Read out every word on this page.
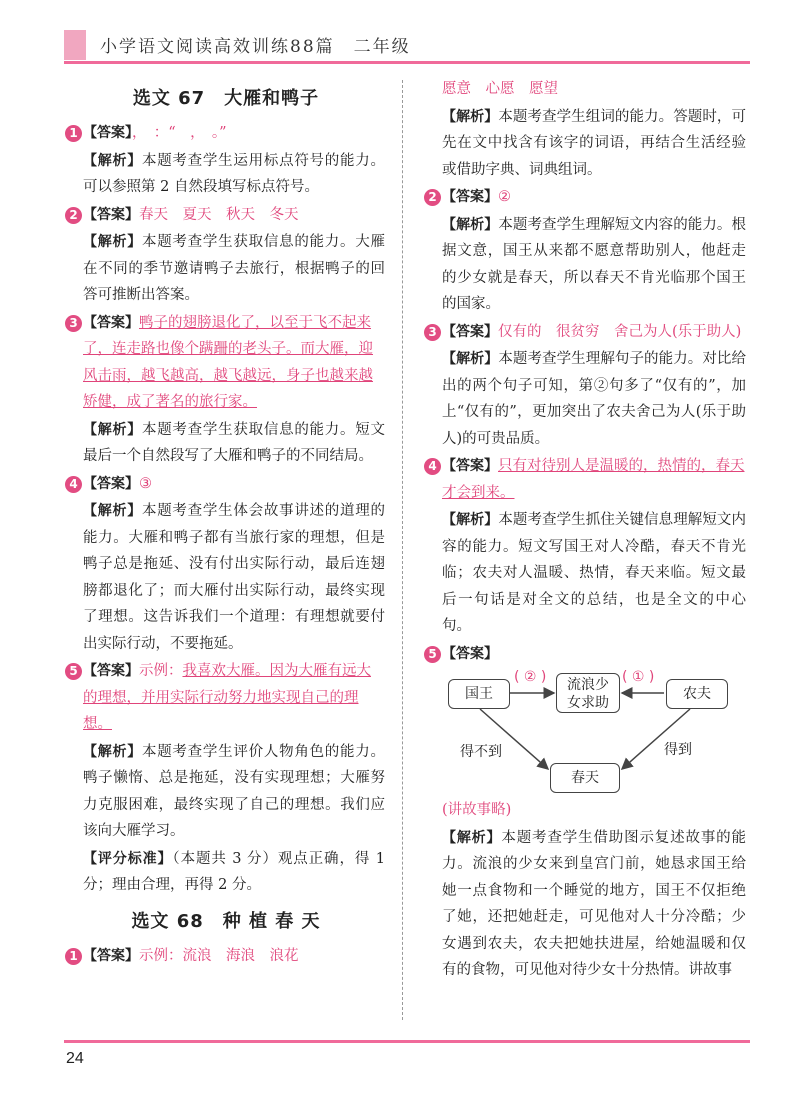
小学语文阅读高效训练88篇　二年级
选文 67　大雁和鸭子
1 【答案】，　：“　，　。”
【解析】本题考查学生运用标点符号的能力。可以参照第 2 自然段填写标点符号。
2 【答案】春天　夏天　秋天　冬天
【解析】本题考查学生获取信息的能力。大雁在不同的季节邀请鸭子去旅行，根据鸭子的回答可推断出答案。
3 【答案】鸭子的翅膀退化了，以至于飞不起来了，连走路也像个蹒跚的老头子。而大雁，迎风击雨，越飞越高，越飞越远，身子也越来越矫健，成了著名的旅行家。
【解析】本题考查学生获取信息的能力。短文最后一个自然段写了大雁和鸭子的不同结局。
4 【答案】③
【解析】本题考查学生体会故事讲述的道理的能力。大雁和鸭子都有当旅行家的理想，但是鸭子总是拖延、没有付出实际行动，最后连翅膀都退化了；而大雁付出实际行动，最终实现了理想。这告诉我们一个道理：有理想就要付出实际行动，不要拖延。
5 【答案】示例：我喜欢大雁。因为大雁有远大的理想，并用实际行动努力地实现自己的理想。
【解析】本题考查学生评价人物角色的能力。鸭子懒惰、总是拖延，没有实现理想；大雁努力克服困难，最终实现了自己的理想。我们应该向大雁学习。
【评分标准】（本题共 3 分）观点正确，得 1 分；理由合理，再得 2 分。
选文 68　种 植 春 天
1 【答案】示例：流浪　海浪　浪花
愿意　心愿　愿望
【解析】本题考查学生组词的能力。答题时，可先在文中找含有该字的词语，再结合生活经验或借助字典、词典组词。
2 【答案】②
【解析】本题考查学生理解短文内容的能力。根据文意，国王从来都不愿意帮助别人，他赶走的少女就是春天，所以春天不肯光临那个国王的国家。
3 【答案】仅有的　很贫穷　舍己为人(乐于助人)
【解析】本题考查学生理解句子的能力。对比给出的两个句子可知，第②句多了“仅有的”，加上“仅有的”，更加突出了农夫舍己为人(乐于助人)的可贵品质。
4 【答案】只有对待别人是温暖的，热情的，春天才会到来。
【解析】本题考查学生抓住关键信息理解短文内容的能力。短文写国王对人冷酷，春天不肯光临；农夫对人温暖、热情，春天来临。短文最后一句话是对全文的总结，也是全文的中心句。
5 【答案】
国王
流浪少
女求助
农夫
春天
( ② )	( ① )
得不到	得到
(讲故事略)
【解析】本题考查学生借助图示复述故事的能力。流浪的少女来到皇宫门前，她恳求国王给她一点食物和一个睡觉的地方，国王不仅拒绝了她，还把她赶走，可见他对人十分冷酷；少女遇到农夫，农夫把她扶进屋，给她温暖和仅有的食物，可见他对待少女十分热情。讲故事
24
